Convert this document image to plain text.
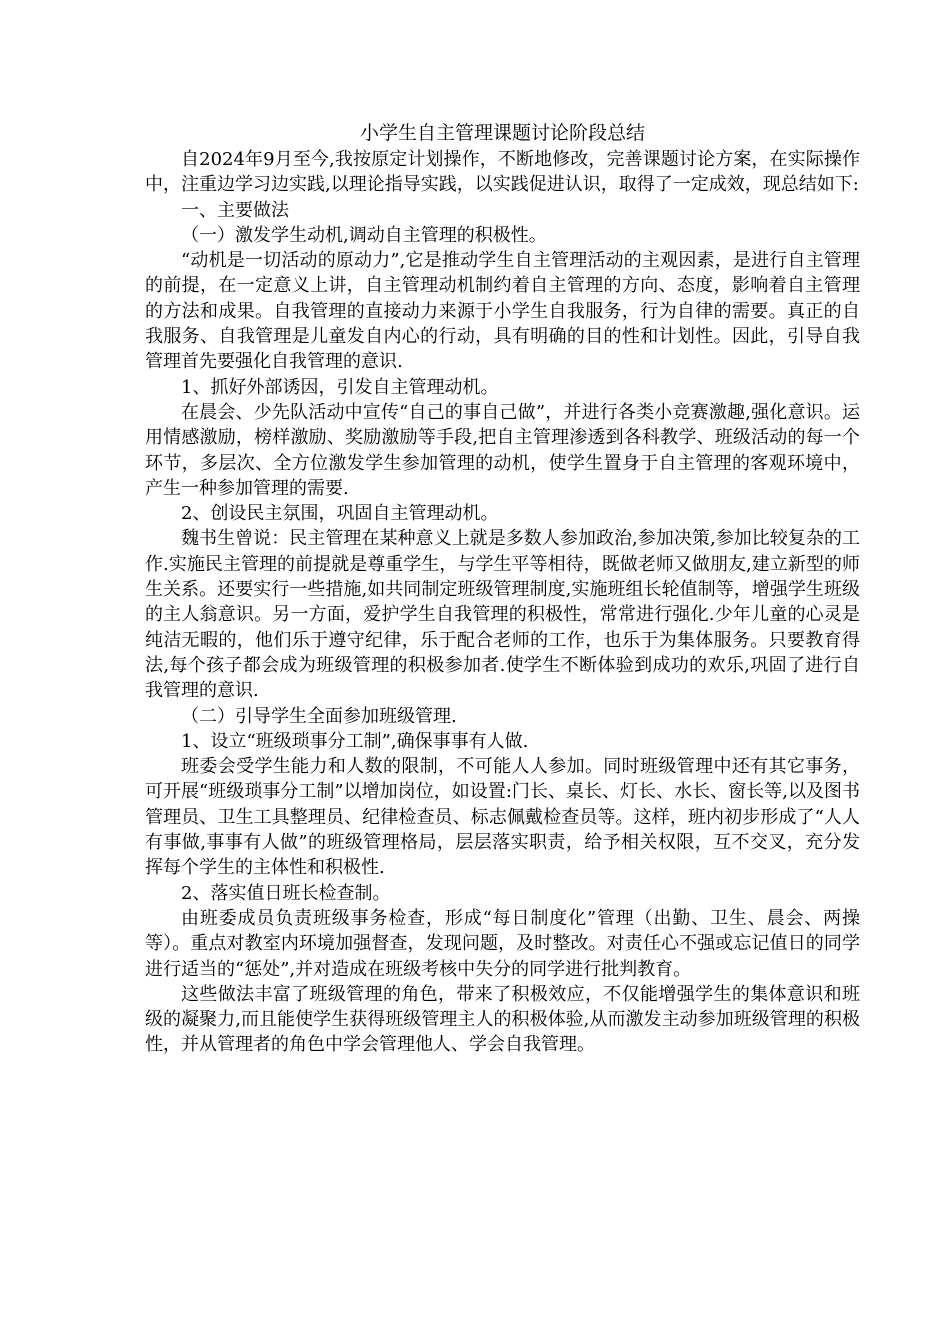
小学生自主管理课题讨论阶段总结

自2024年9月至今,我按原定计划操作，不断地修改，完善课题讨论方案，在实际操作中，注重边学习边实践,以理论指导实践，以实践促进认识，取得了一定成效，现总结如下:

一、主要做法

（一）激发学生动机,调动自主管理的积极性。

“动机是一切活动的原动力”,它是推动学生自主管理活动的主观因素，是进行自主管理的前提，在一定意义上讲，自主管理动机制约着自主管理的方向、态度，影响着自主管理的方法和成果。自我管理的直接动力来源于小学生自我服务，行为自律的需要。真正的自我服务、自我管理是儿童发自内心的行动，具有明确的目的性和计划性。因此，引导自我管理首先要强化自我管理的意识.

1、抓好外部诱因，引发自主管理动机。

在晨会、少先队活动中宣传“自己的事自己做”，并进行各类小竞赛激趣,强化意识。运用情感激励，榜样激励、奖励激励等手段,把自主管理渗透到各科教学、班级活动的每一个环节，多层次、全方位激发学生参加管理的动机，使学生置身于自主管理的客观环境中，产生一种参加管理的需要.

2、创设民主氛围，巩固自主管理动机。

魏书生曾说：民主管理在某种意义上就是多数人参加政治,参加决策,参加比较复杂的工作.实施民主管理的前提就是尊重学生，与学生平等相待，既做老师又做朋友,建立新型的师生关系。还要实行一些措施,如共同制定班级管理制度,实施班组长轮值制等，增强学生班级的主人翁意识。另一方面，爱护学生自我管理的积极性，常常进行强化.少年儿童的心灵是纯洁无暇的，他们乐于遵守纪律，乐于配合老师的工作，也乐于为集体服务。只要教育得法,每个孩子都会成为班级管理的积极参加者.使学生不断体验到成功的欢乐,巩固了进行自我管理的意识.

（二）引导学生全面参加班级管理.

1、设立“班级琐事分工制”,确保事事有人做.

班委会受学生能力和人数的限制，不可能人人参加。同时班级管理中还有其它事务，可开展“班级琐事分工制”以增加岗位，如设置:门长、桌长、灯长、水长、窗长等,以及图书管理员、卫生工具整理员、纪律检查员、标志佩戴检查员等。这样，班内初步形成了“人人有事做,事事有人做”的班级管理格局，层层落实职责，给予相关权限，互不交叉，充分发挥每个学生的主体性和积极性.

2、落实值日班长检查制。

由班委成员负责班级事务检查，形成“每日制度化”管理（出勤、卫生、晨会、两操等）。重点对教室内环境加强督查，发现问题，及时整改。对责任心不强或忘记值日的同学进行适当的“惩处”,并对造成在班级考核中失分的同学进行批判教育。

这些做法丰富了班级管理的角色，带来了积极效应，不仅能增强学生的集体意识和班级的凝聚力,而且能使学生获得班级管理主人的积极体验,从而激发主动参加班级管理的积极性，并从管理者的角色中学会管理他人、学会自我管理。
